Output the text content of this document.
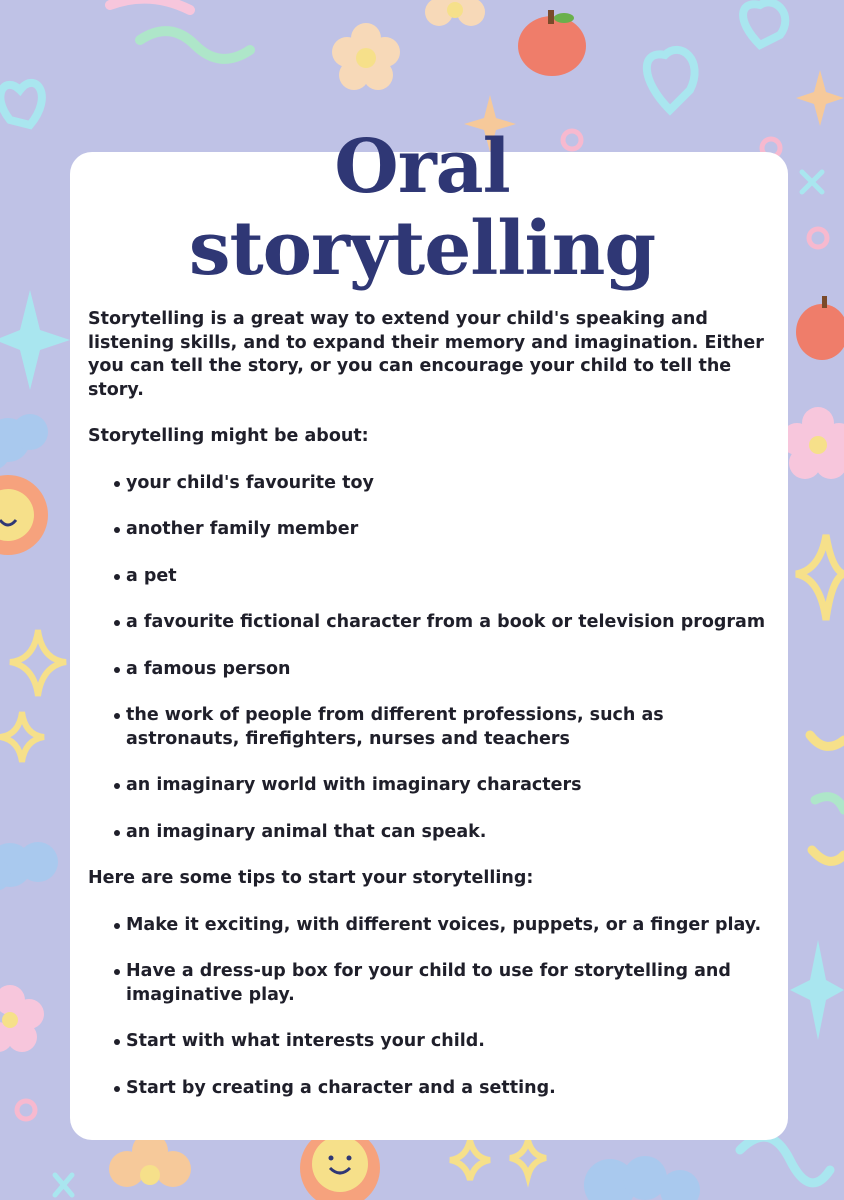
Oral
storytelling

Storytelling is a great way to extend your child's speaking and listening skills, and to expand their memory and imagination. Either you can tell the story, or you can encourage your child to tell the story.

Storytelling might be about:

your child's favourite toy
another family member
a pet
a favourite fictional character from a book or television program
a famous person
the work of people from different professions, such as astronauts, firefighters, nurses and teachers
an imaginary world with imaginary characters
an imaginary animal that can speak.

Here are some tips to start your storytelling:

Make it exciting, with different voices, puppets, or a finger play.
Have a dress-up box for your child to use for storytelling and imaginative play.
Start with what interests your child.
Start by creating a character and a setting.
